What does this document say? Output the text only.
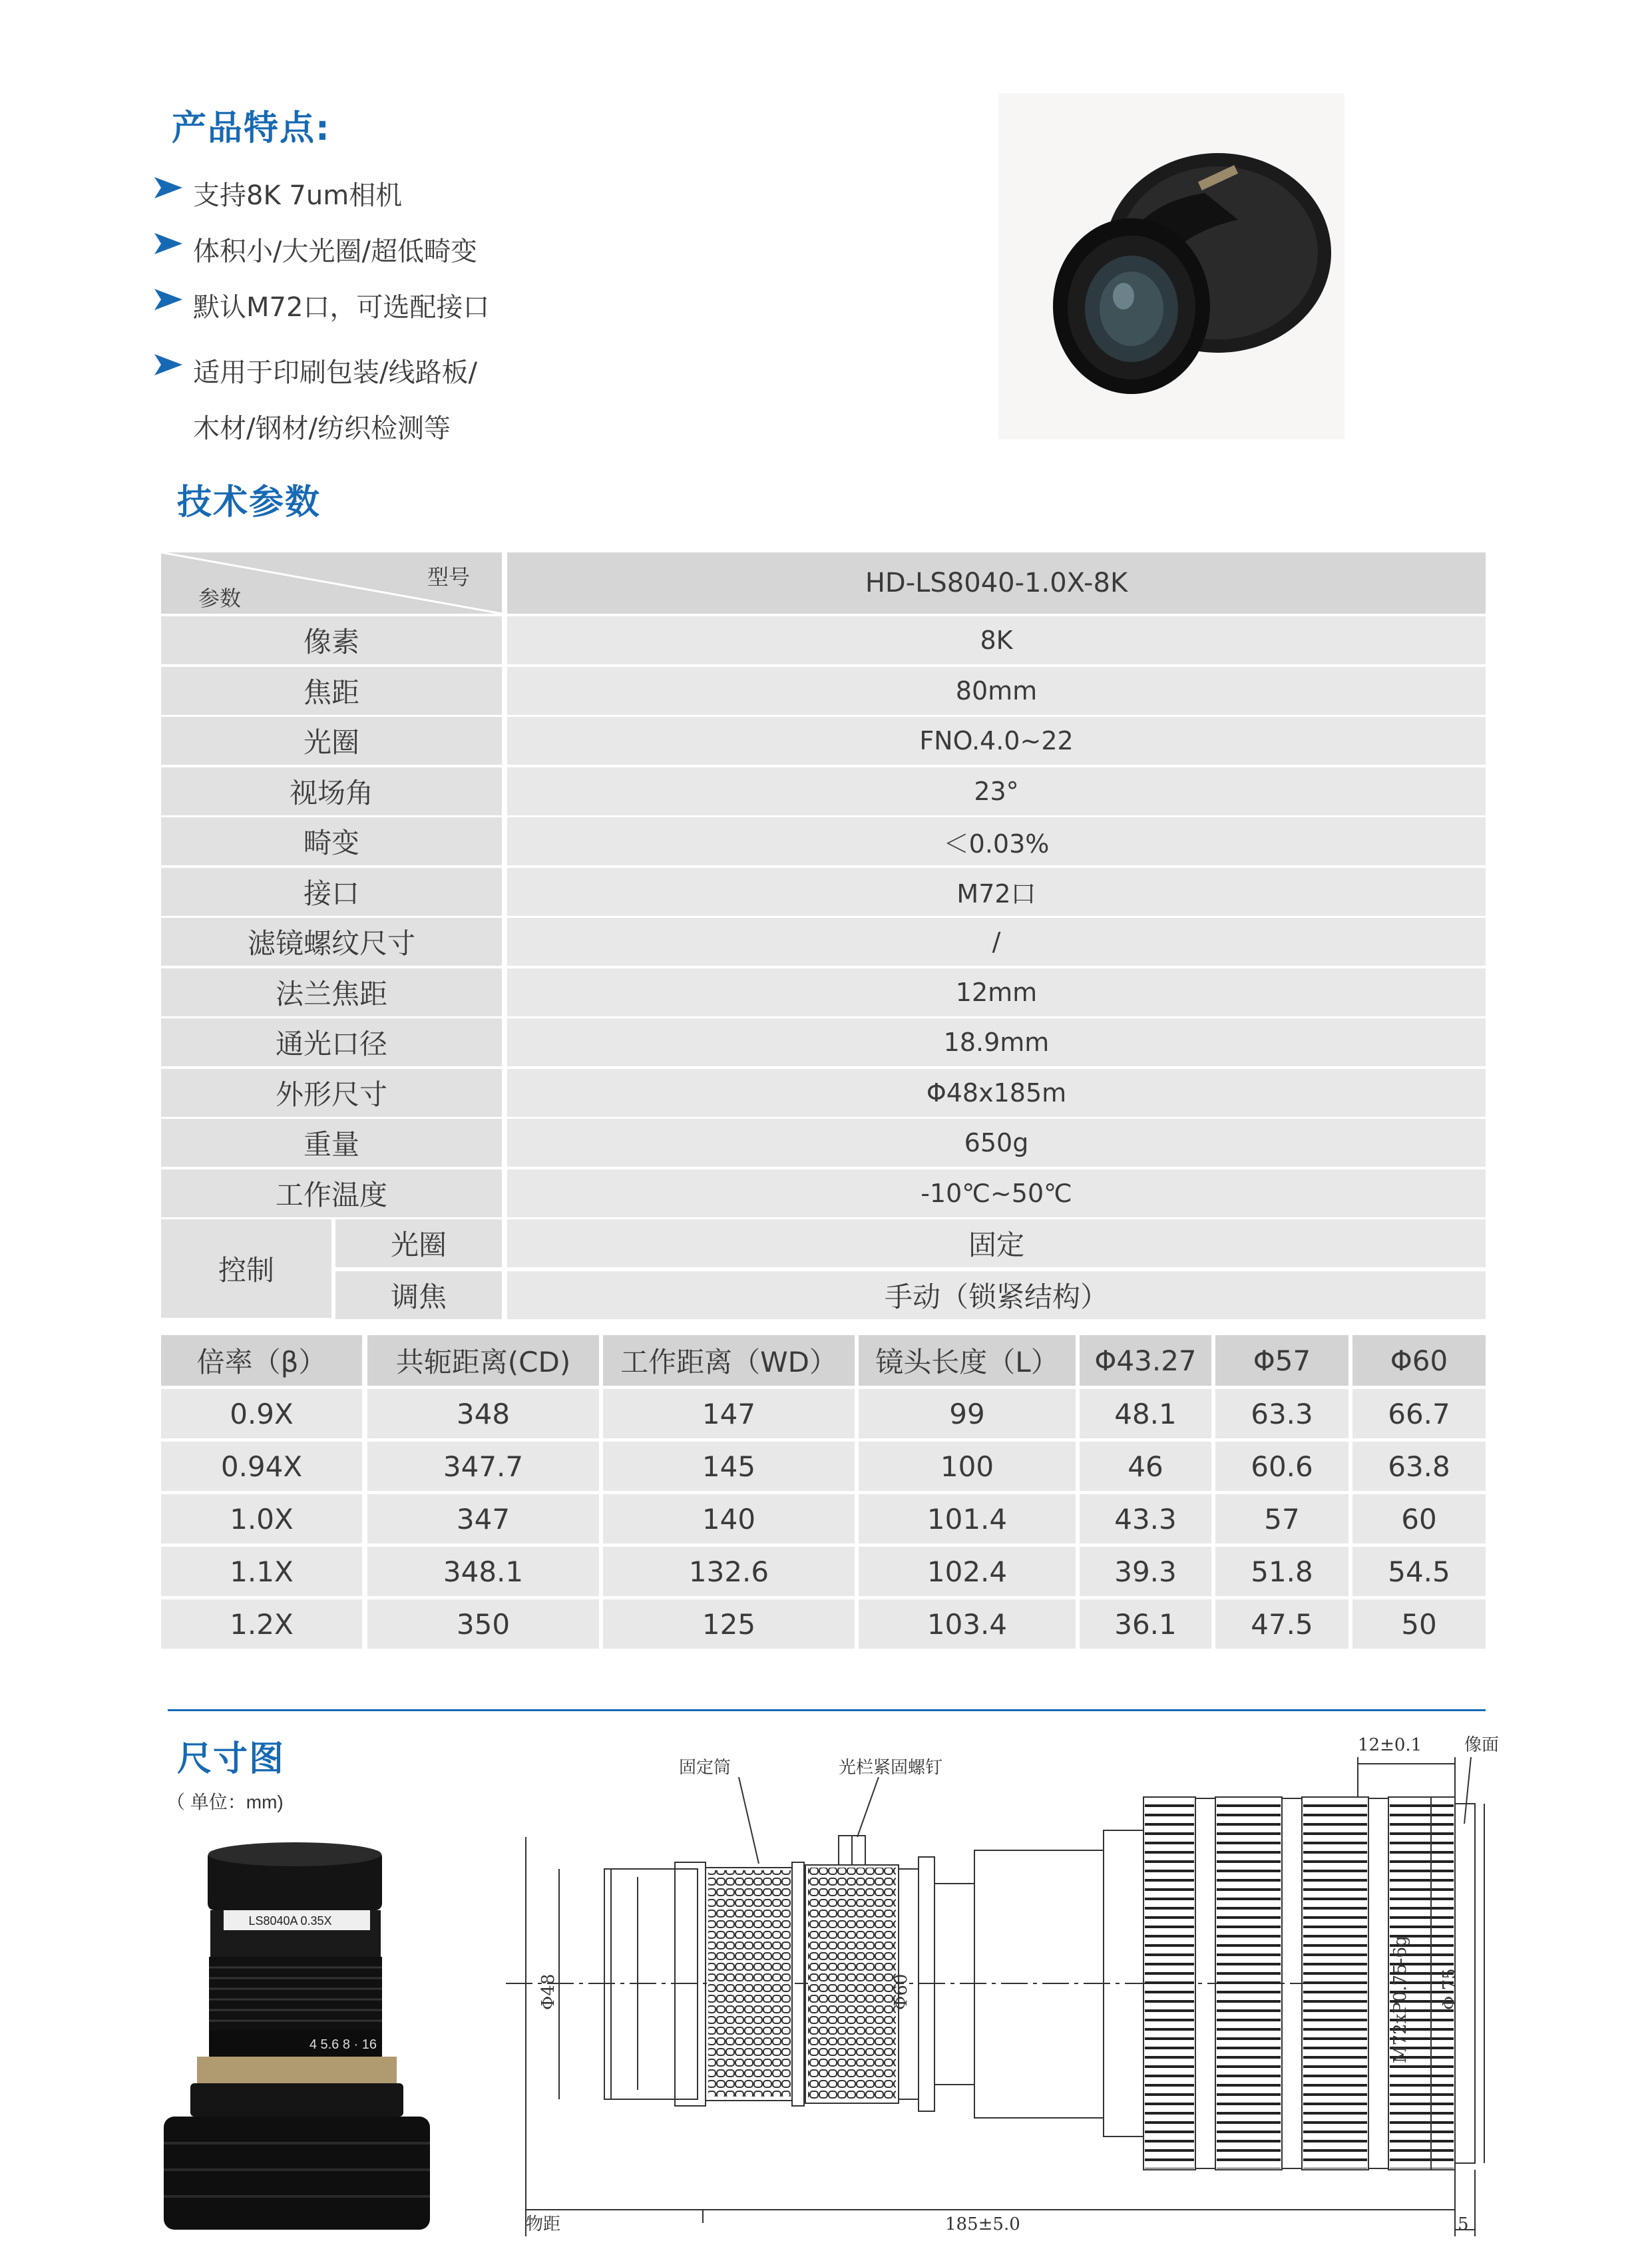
产品特点:
支持8K 7um相机
体积小/大光圈/超低畸变
默认M72口，可选配接口
适用于印刷包装/线路板/
木材/钢材/纺织检测等
技术参数
型号
参数	HD-LS8040-1.0X-8K
像素	8K
焦距	80mm
光圈	FNO.4.0~22
视场角	23°
畸变	＜0.03%
接口	M72口
滤镜螺纹尺寸	/
法兰焦距	12mm
通光口径	18.9mm
外形尺寸	Φ48x185m
重量	650g
工作温度	-10℃~50℃
控制
光圈	固定
调焦	手动（锁紧结构）
倍率（β）	共轭距离(CD)	工作距离（WD）	镜头长度（L）	Φ43.27	Φ57	Φ60
0.9X	348	147	99	48.1	63.3	66.7
0.94X	347.7	145	100	46	60.6	63.8
1.0X	347	140	101.4	43.3	57	60
1.1X	348.1	132.6	102.4	39.3	51.8	54.5
1.2X	350	125	103.4	36.1	47.5	50
尺寸图
（ 单位：mm)
LS8040A 0.35X
4 5.6 8 · 16
固定筒	光栏紧固螺钉
12±0.1 像面
Φ48	Φ60	M72xP0.75-6g Φ 75
物距	185±5.0	5
